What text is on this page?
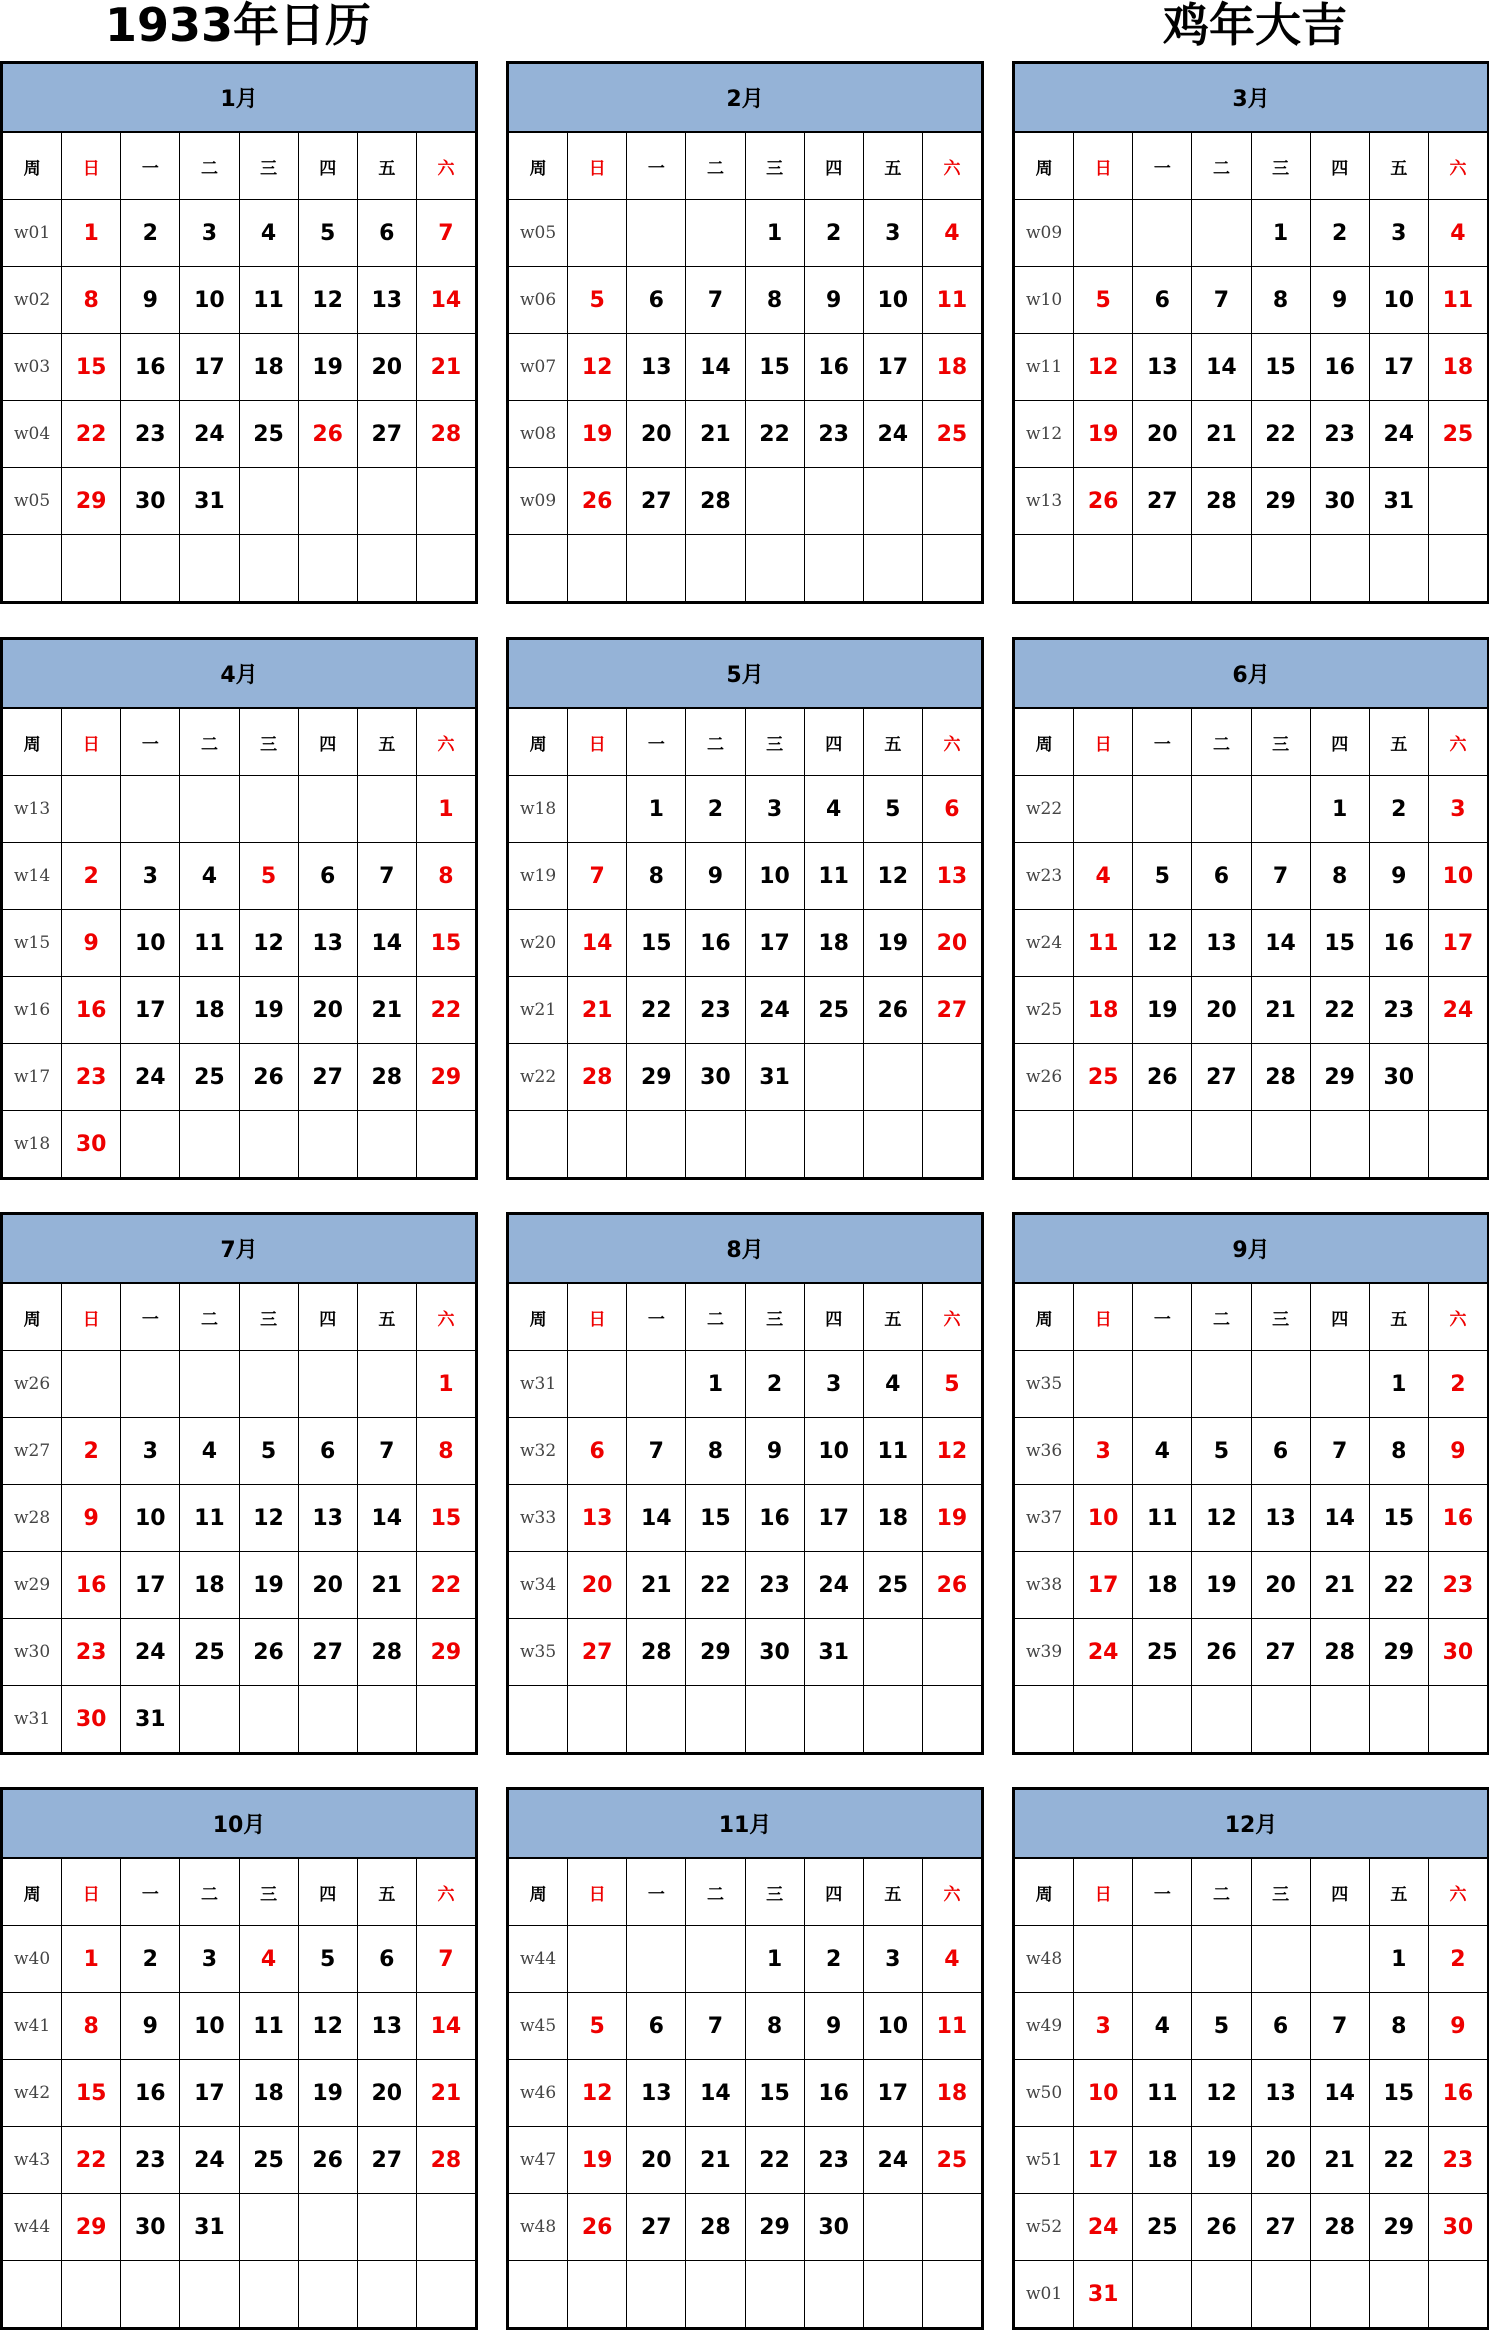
1933年日历	鸡年大吉
1月							
周	日	一	二	三	四	五	六
w01	1	2	3	4	5	6	7
w02	8	9	10	11	12	13	14
w03	15	16	17	18	19	20	21
w04	22	23	24	25	26	27	28
w05	29	30	31				

2月							
周	日	一	二	三	四	五	六
w05				1	2	3	4
w06	5	6	7	8	9	10	11
w07	12	13	14	15	16	17	18
w08	19	20	21	22	23	24	25
w09	26	27	28				

3月							
周	日	一	二	三	四	五	六
w09				1	2	3	4
w10	5	6	7	8	9	10	11
w11	12	13	14	15	16	17	18
w12	19	20	21	22	23	24	25
w13	26	27	28	29	30	31	

4月							
周	日	一	二	三	四	五	六
w13							1
w14	2	3	4	5	6	7	8
w15	9	10	11	12	13	14	15
w16	16	17	18	19	20	21	22
w17	23	24	25	26	27	28	29
w18	30						
5月							
周	日	一	二	三	四	五	六
w18		1	2	3	4	5	6
w19	7	8	9	10	11	12	13
w20	14	15	16	17	18	19	20
w21	21	22	23	24	25	26	27
w22	28	29	30	31			

6月							
周	日	一	二	三	四	五	六
w22					1	2	3
w23	4	5	6	7	8	9	10
w24	11	12	13	14	15	16	17
w25	18	19	20	21	22	23	24
w26	25	26	27	28	29	30	

7月							
周	日	一	二	三	四	五	六
w26							1
w27	2	3	4	5	6	7	8
w28	9	10	11	12	13	14	15
w29	16	17	18	19	20	21	22
w30	23	24	25	26	27	28	29
w31	30	31					
8月							
周	日	一	二	三	四	五	六
w31			1	2	3	4	5
w32	6	7	8	9	10	11	12
w33	13	14	15	16	17	18	19
w34	20	21	22	23	24	25	26
w35	27	28	29	30	31		

9月							
周	日	一	二	三	四	五	六
w35						1	2
w36	3	4	5	6	7	8	9
w37	10	11	12	13	14	15	16
w38	17	18	19	20	21	22	23
w39	24	25	26	27	28	29	30

10月							
周	日	一	二	三	四	五	六
w40	1	2	3	4	5	6	7
w41	8	9	10	11	12	13	14
w42	15	16	17	18	19	20	21
w43	22	23	24	25	26	27	28
w44	29	30	31				

11月							
周	日	一	二	三	四	五	六
w44				1	2	3	4
w45	5	6	7	8	9	10	11
w46	12	13	14	15	16	17	18
w47	19	20	21	22	23	24	25
w48	26	27	28	29	30		

12月							
周	日	一	二	三	四	五	六
w48						1	2
w49	3	4	5	6	7	8	9
w50	10	11	12	13	14	15	16
w51	17	18	19	20	21	22	23
w52	24	25	26	27	28	29	30
w01	31						
